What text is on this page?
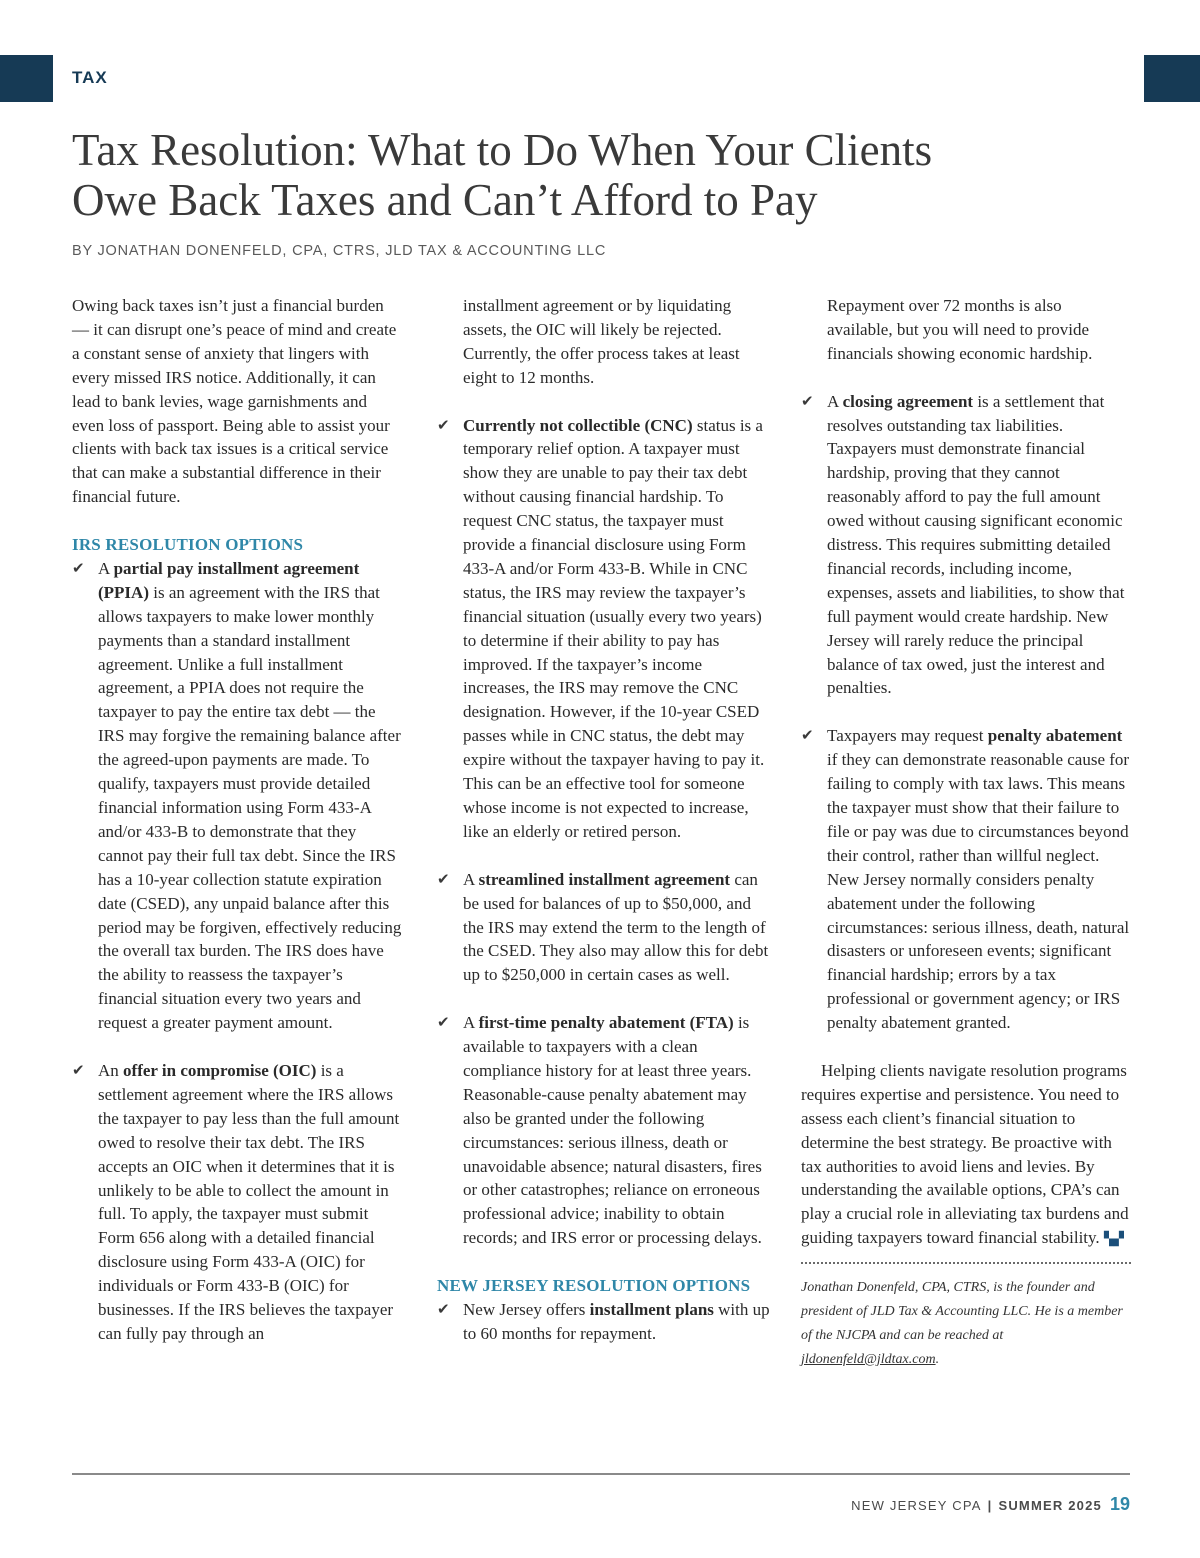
TAX
Tax Resolution: What to Do When Your Clients
Owe Back Taxes and Can’t Afford to Pay
BY JONATHAN DONENFELD, CPA, CTRS, JLD TAX & ACCOUNTING LLC

Owing back taxes isn’t just a financial burden — it can disrupt one’s peace of mind and create a constant sense of anxiety that lingers with every missed IRS notice. Additionally, it can lead to bank levies, wage garnishments and even loss of passport. Being able to assist your clients with back tax issues is a critical service that can make a substantial difference in their financial future.

IRS RESOLUTION OPTIONS
✔ A partial pay installment agreement (PPIA) is an agreement with the IRS that allows taxpayers to make lower monthly payments than a standard installment agreement. Unlike a full installment agreement, a PPIA does not require the taxpayer to pay the entire tax debt — the IRS may forgive the remaining balance after the agreed-upon payments are made. To qualify, taxpayers must provide detailed financial information using Form 433-A and/or 433-B to demonstrate that they cannot pay their full tax debt. Since the IRS has a 10-year collection statute expiration date (CSED), any unpaid balance after this period may be forgiven, effectively reducing the overall tax burden. The IRS does have the ability to reassess the taxpayer’s financial situation every two years and request a greater payment amount.
✔ An offer in compromise (OIC) is a settlement agreement where the IRS allows the taxpayer to pay less than the full amount owed to resolve their tax debt. The IRS accepts an OIC when it determines that it is unlikely to be able to collect the amount in full. To apply, the taxpayer must submit Form 656 along with a detailed financial disclosure using Form 433-A (OIC) for individuals or Form 433-B (OIC) for businesses. If the IRS believes the taxpayer can fully pay through an
installment agreement or by liquidating assets, the OIC will likely be rejected. Currently, the offer process takes at least eight to 12 months.
✔ Currently not collectible (CNC) status is a temporary relief option. A taxpayer must show they are unable to pay their tax debt without causing financial hardship. To request CNC status, the taxpayer must provide a financial disclosure using Form 433-A and/or Form 433-B. While in CNC status, the IRS may review the taxpayer’s financial situation (usually every two years) to determine if their ability to pay has improved. If the taxpayer’s income increases, the IRS may remove the CNC designation. However, if the 10-year CSED passes while in CNC status, the debt may expire without the taxpayer having to pay it. This can be an effective tool for someone whose income is not expected to increase, like an elderly or retired person.
✔ A streamlined installment agreement can be used for balances of up to $50,000, and the IRS may extend the term to the length of the CSED. They also may allow this for debt up to $250,000 in certain cases as well.
✔ A first-time penalty abatement (FTA) is available to taxpayers with a clean compliance history for at least three years. Reasonable-cause penalty abatement may also be granted under the following circumstances: serious illness, death or unavoidable absence; natural disasters, fires or other catastrophes; reliance on erroneous professional advice; inability to obtain records; and IRS error or processing delays.
NEW JERSEY RESOLUTION OPTIONS
✔ New Jersey offers installment plans with up to 60 months for repayment.
Repayment over 72 months is also available, but you will need to provide financials showing economic hardship.
✔ A closing agreement is a settlement that resolves outstanding tax liabilities. Taxpayers must demonstrate financial hardship, proving that they cannot reasonably afford to pay the full amount owed without causing significant economic distress. This requires submitting detailed financial records, including income, expenses, assets and liabilities, to show that full payment would create hardship. New Jersey will rarely reduce the principal balance of tax owed, just the interest and penalties.
✔ Taxpayers may request penalty abatement if they can demonstrate reasonable cause for failing to comply with tax laws. This means the taxpayer must show that their failure to file or pay was due to circumstances beyond their control, rather than willful neglect. New Jersey normally considers penalty abatement under the following circumstances: serious illness, death, natural disasters or unforeseen events; significant financial hardship; errors by a tax professional or government agency; or IRS penalty abatement granted.

Helping clients navigate resolution programs requires expertise and persistence. You need to assess each client’s financial situation to determine the best strategy. Be proactive with tax authorities to avoid liens and levies. By understanding the available options, CPA’s can play a crucial role in alleviating tax burdens and guiding taxpayers toward financial stability. ▚▞

Jonathan Donenfeld, CPA, CTRS, is the founder and president of JLD Tax & Accounting LLC. He is a member of the NJCPA and can be reached at jldonenfeld@jldtax.com.

NEW JERSEY CPA | SUMMER 2025 19
